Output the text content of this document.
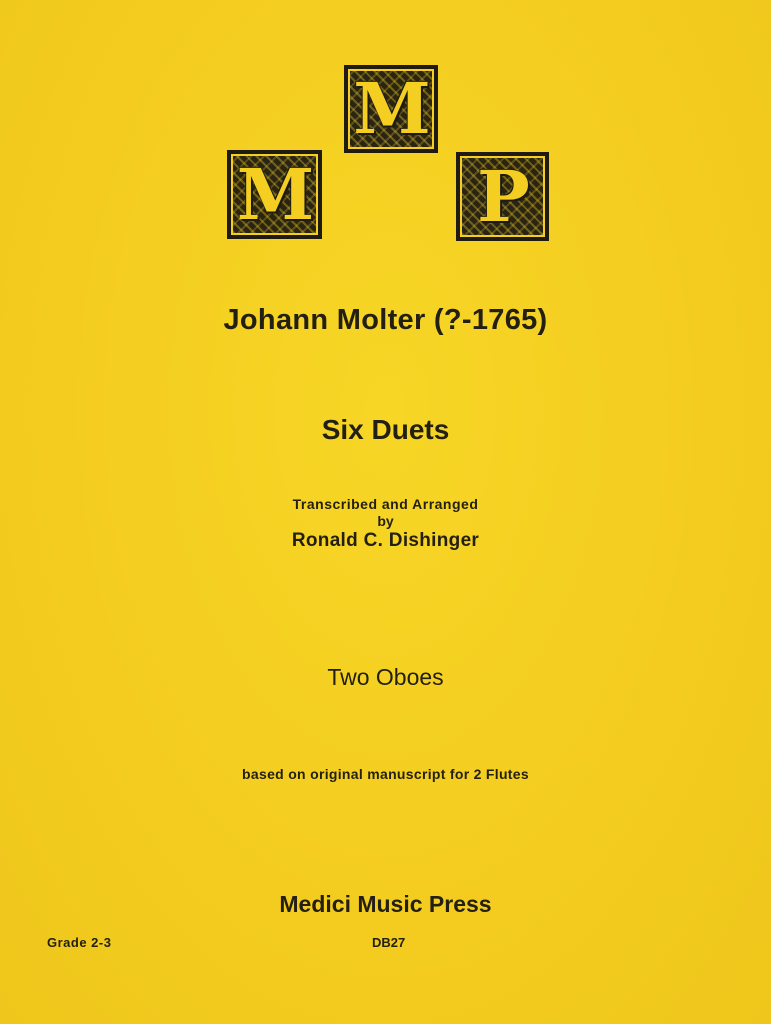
M
M P
Johann Molter (?-1765)
Six Duets
Transcribed and Arranged
by
Ronald C. Dishinger
Two Oboes
based on original manuscript for 2 Flutes
Medici Music Press
Grade 2-3	DB27
